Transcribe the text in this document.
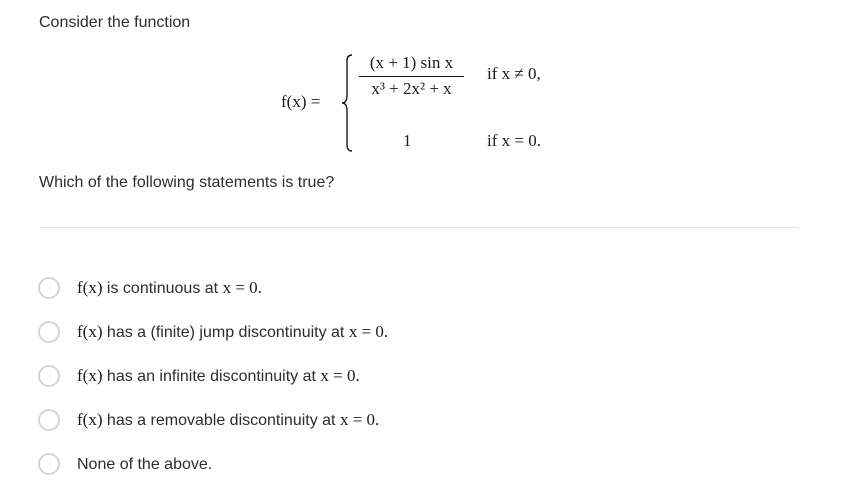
Consider the function
f(x) =
(x + 1) sin x
x³ + 2x² + x
if x ≠ 0,
1	if x = 0.
Which of the following statements is true?
f(x) is continuous at x = 0.
f(x) has a (finite) jump discontinuity at x = 0.
f(x) has an infinite discontinuity at x = 0.
f(x) has a removable discontinuity at x = 0.
None of the above.
